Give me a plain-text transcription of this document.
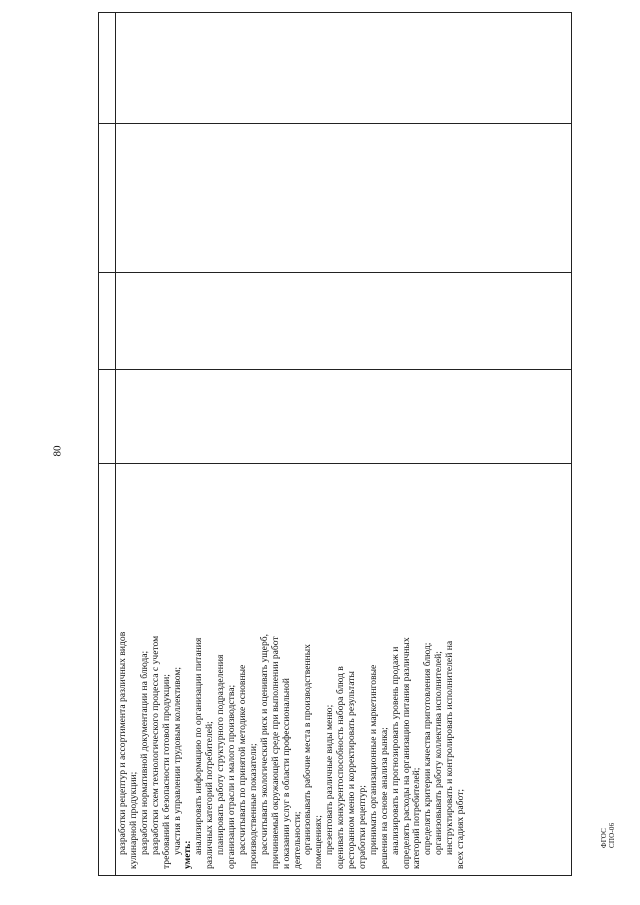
80
разработки рецептур и ассортимента различных видов кулинарной продукции; разработки нормативной документации на блюда; разработки схем технологического процесса с учетом требований к безопасности готовой продукции; участия в управлении трудовым коллективом; уметь: анализировать информацию по организации питания различных категорий потребителей; планировать работу структурного подразделения организации отрасли и малого производства; рассчитывать по принятой методике основные производственные показатели; рассчитывать экологический риск и оценивать ущерб, причиняемый окружающей среде при выполнении работ и оказании услуг в области профессиональной деятельности; организовывать рабочие места в производственных помещениях; презентовать различные виды меню; оценивать конкурентоспособность набора блюд в ресторанном меню и корректировать результаты отработки рецептур; принимать организационные и маркетинговые решения на основе анализа рынка; анализировать и прогнозировать уровень продаж и определять расходы на организацию питания различных категорий потребителей; определять критерии качества приготовления блюд; организовывать работу коллектива исполнителей; инструктировать и контролировать исполнителей на всех стадиях работ;	ФГОС СПО-06
